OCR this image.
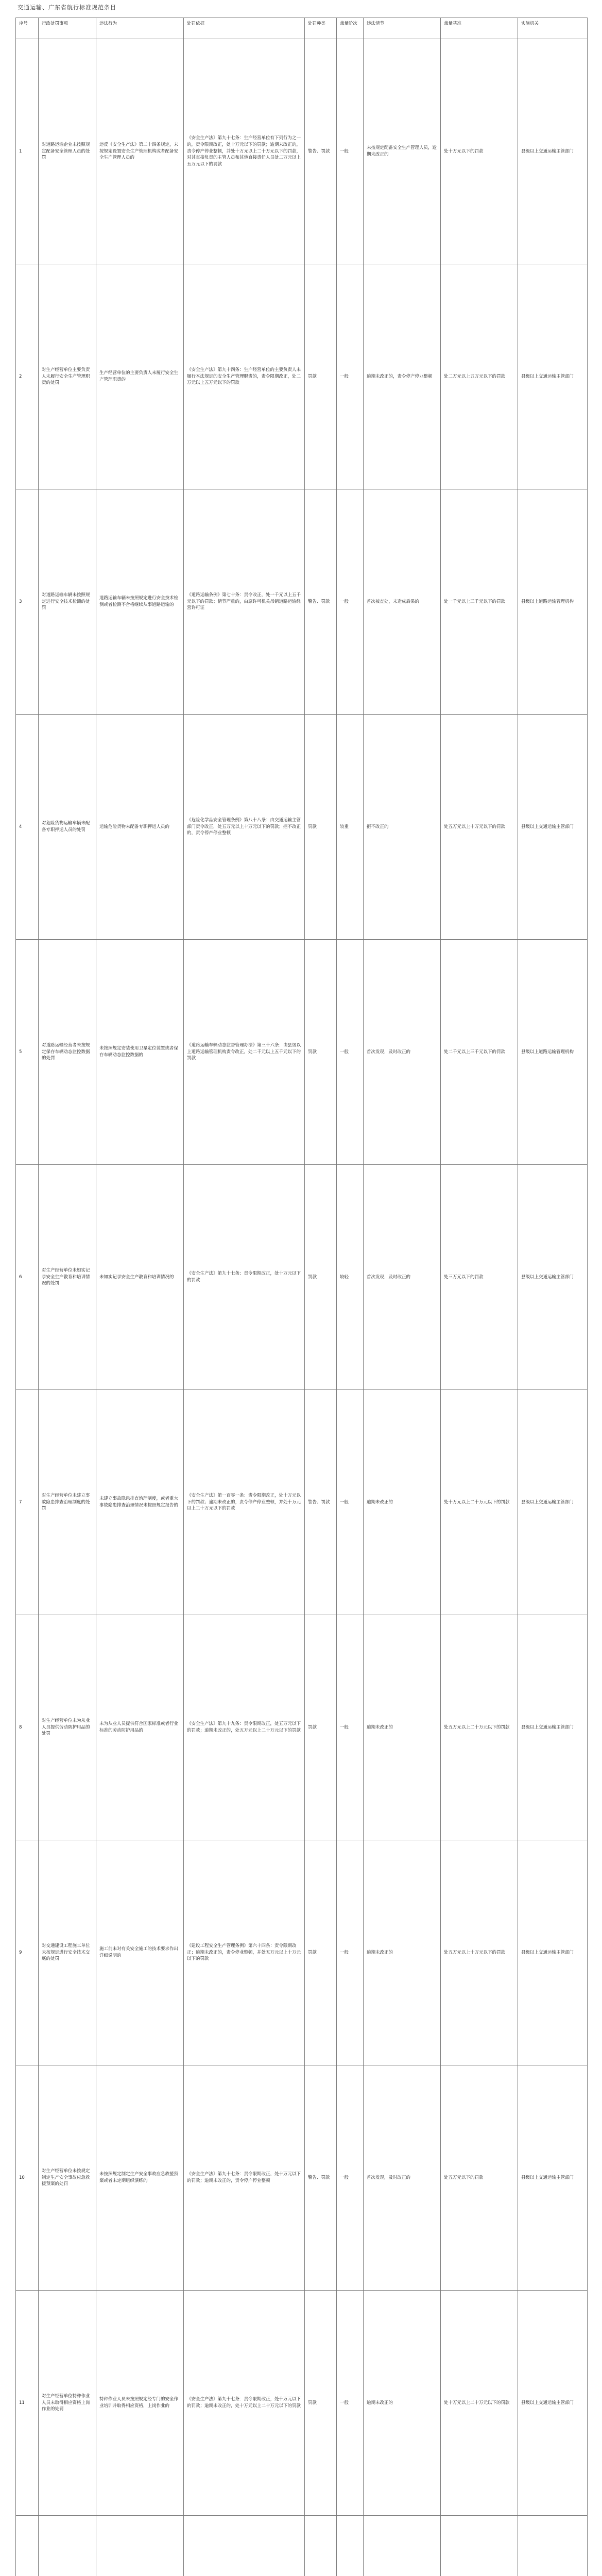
交通运输、广东省航行标准规范条目
序号	行政处罚事项	违法行为	处罚依据	处罚种类	裁量阶次	违法情节	裁量基准	实施机关
1	对道路运输企业未按照规定配备安全管理人员的处罚	违反《安全生产法》第二十四条规定，未按规定设置安全生产管理机构或者配备安全生产管理人员的	《安全生产法》第九十七条：生产经营单位有下列行为之一的，责令限期改正，处十万元以下的罚款；逾期未改正的，责令停产停业整顿，并处十万元以上二十万元以下的罚款，对其直接负责的主管人员和其他直接责任人员处二万元以上五万元以下的罚款	警告、罚款	一般	未按规定配备安全生产管理人员，逾期未改正的	处十万元以下的罚款	县级以上交通运输主管部门
2	对生产经营单位主要负责人未履行安全生产管理职责的处罚	生产经营单位的主要负责人未履行安全生产管理职责的	《安全生产法》第九十四条：生产经营单位的主要负责人未履行本法规定的安全生产管理职责的，责令限期改正，处二万元以上五万元以下的罚款	罚款	一般	逾期未改正的，责令停产停业整顿	处二万元以上五万元以下的罚款	县级以上交通运输主管部门
3	对道路运输车辆未按照规定进行安全技术检测的处罚	道路运输车辆未按照规定进行安全技术检测或者检测不合格继续从事道路运输的	《道路运输条例》第七十条：责令改正，处一千元以上五千元以下的罚款；情节严重的，由原许可机关吊销道路运输经营许可证	警告、罚款	一般	首次被查处，未造成后果的	处一千元以上三千元以下的罚款	县级以上道路运输管理机构
4	对危险货物运输车辆未配备专职押运人员的处罚	运输危险货物未配备专职押运人员的	《危险化学品安全管理条例》第八十八条：由交通运输主管部门责令改正，处五万元以上十万元以下的罚款；拒不改正的，责令停产停业整顿	罚款	较重	拒不改正的	处五万元以上十万元以下的罚款	县级以上交通运输主管部门
5	对道路运输经营者未按规定保存车辆动态监控数据的处罚	未按照规定安装使用卫星定位装置或者保存车辆动态监控数据的	《道路运输车辆动态监督管理办法》第三十六条：由县级以上道路运输管理机构责令改正，处二千元以上五千元以下的罚款	罚款	一般	首次发现，及时改正的	处二千元以上三千元以下的罚款	县级以上道路运输管理机构
6	对生产经营单位未如实记录安全生产教育和培训情况的处罚	未如实记录安全生产教育和培训情况的	《安全生产法》第九十七条：责令限期改正，处十万元以下的罚款	罚款	较轻	首次发现，及时改正的	处三万元以下的罚款	县级以上交通运输主管部门
7	对生产经营单位未建立事故隐患排查治理制度的处罚	未建立事故隐患排查治理制度，或者重大事故隐患排查治理情况未按照规定报告的	《安全生产法》第一百零一条：责令限期改正，处十万元以下的罚款；逾期未改正的，责令停产停业整顿，并处十万元以上二十万元以下的罚款	警告、罚款	一般	逾期未改正的	处十万元以上二十万元以下的罚款	县级以上交通运输主管部门
8	对生产经营单位未为从业人员提供劳动防护用品的处罚	未为从业人员提供符合国家标准或者行业标准的劳动防护用品的	《安全生产法》第九十九条：责令限期改正，处五万元以下的罚款；逾期未改正的，处五万元以上二十万元以下的罚款	罚款	一般	逾期未改正的	处五万元以上二十万元以下的罚款	县级以上交通运输主管部门
9	对交通建设工程施工单位未按规定进行安全技术交底的处罚	施工前未对有关安全施工的技术要求作出详细说明的	《建设工程安全生产管理条例》第六十四条：责令限期改正；逾期未改正的，责令停业整顿，并处五万元以上十万元以下的罚款	罚款	一般	逾期未改正的	处五万元以上十万元以下的罚款	县级以上交通运输主管部门
10	对生产经营单位未按规定制定生产安全事故应急救援预案的处罚	未按照规定制定生产安全事故应急救援预案或者未定期组织演练的	《安全生产法》第九十七条：责令限期改正，处十万元以下的罚款；逾期未改正的，责令停产停业整顿	警告、罚款	一般	首次发现，及时改正的	处五万元以下的罚款	县级以上交通运输主管部门
11	对生产经营单位特种作业人员未取得相应资格上岗作业的处罚	特种作业人员未按照规定经专门的安全作业培训并取得相应资格，上岗作业的	《安全生产法》第九十七条：责令限期改正，处十万元以下的罚款；逾期未改正的，处十万元以上二十万元以下的罚款	罚款	一般	逾期未改正的	处十万元以上二十万元以下的罚款	县级以上交通运输主管部门
